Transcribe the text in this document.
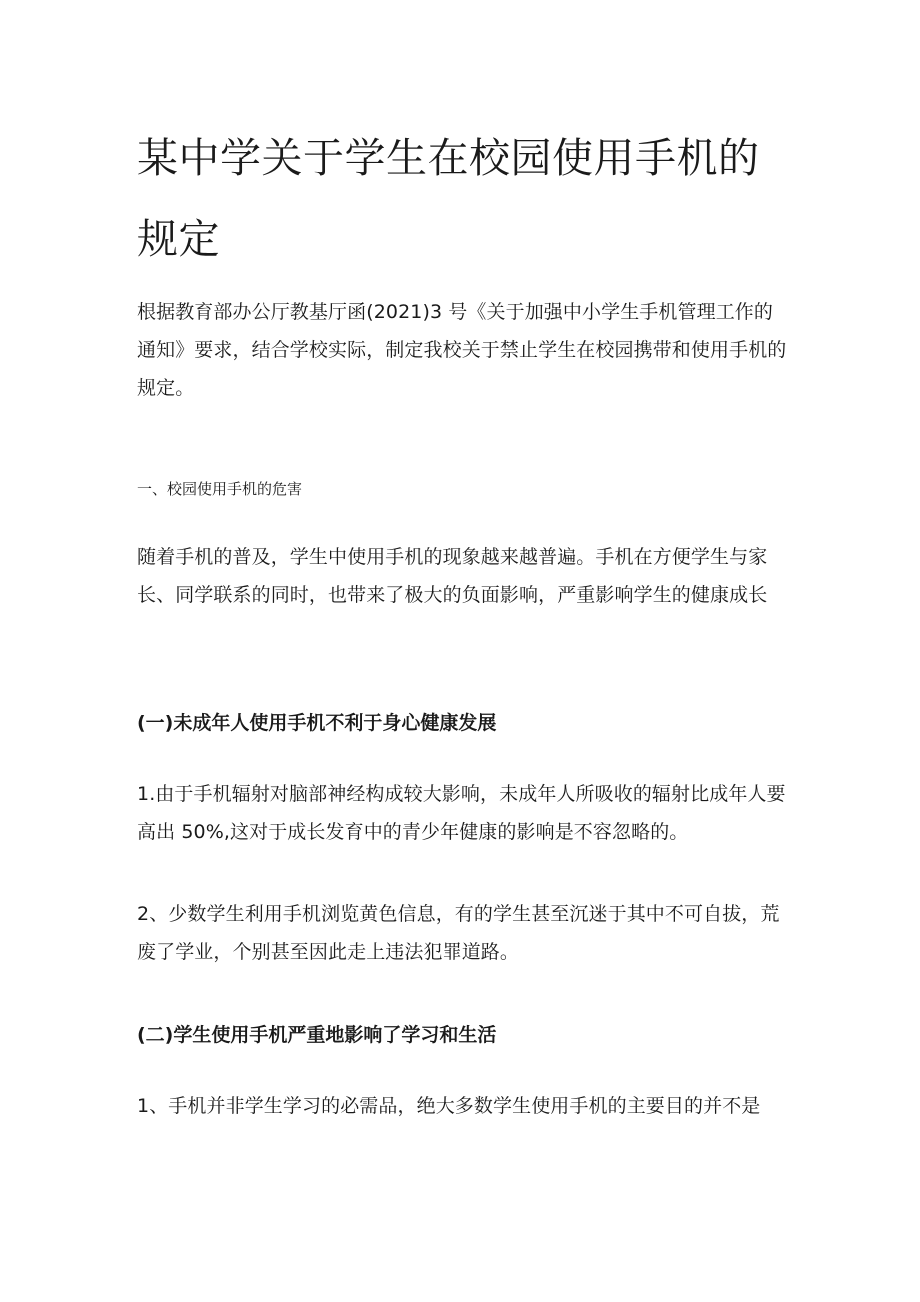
某中学关于学生在校园使用手机的规定

根据教育部办公厅教基厅函(2021)3 号《关于加强中小学生手机管理工作的通知》要求，结合学校实际，制定我校关于禁止学生在校园携带和使用手机的规定。

一、校园使用手机的危害

随着手机的普及，学生中使用手机的现象越来越普遍。手机在方便学生与家长、同学联系的同时，也带来了极大的负面影响，严重影响学生的健康成长

(一)未成年人使用手机不利于身心健康发展

1.由于手机辐射对脑部神经构成较大影响，未成年人所吸收的辐射比成年人要高出 50%,这对于成长发育中的青少年健康的影响是不容忽略的。

2、少数学生利用手机浏览黄色信息，有的学生甚至沉迷于其中不可自拔，荒废了学业，个别甚至因此走上违法犯罪道路。

(二)学生使用手机严重地影响了学习和生活

1、手机并非学生学习的必需品，绝大多数学生使用手机的主要目的并不是
